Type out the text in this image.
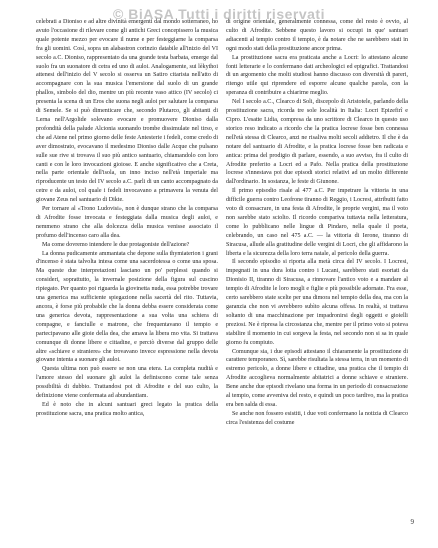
© BiASA Tutti i diritti riservati

celebrati a Dioniso e ad altre divinità emergenti dal mondo sotterraneo, ho avuto l'occasione di rilevare come gli antichi Greci concepissero la musica quale potente mezzo per evocare il nume e per festeggiarne la comparsa fra gli uomini. Così, sopra un alabastron corinzio databile all'inizio del VI secolo a.C. Dioniso, rappresentato da una grande testa barbata, emerge dal suolo fra un suonatore di cetra ed uno di auloi. Analogamente, sui lèkythoi attenesi dell'inizio del V secolo si osserva un Satiro citarista nell'atto di accompagnare con la sua musica l'emersione dal suolo di un grande phallos, simbolo del dio, mentre un più recente vaso attico (IV secolo) ci presenta la scena di un Eros che suona negli auloi per salutare la comparsa di Semele. Se si può dimenticare che, secondo Plutarco, gli abitanti di Lerna nell'Argolide solevano evocare e promuovere Dioniso dalla profondità della palude Alcionia suonando trombe dissimulate nel tirso, e che ad Atene nel primo giorno delle feste Antesterie i fedeli, come credo di aver dimostrato, evocavano il medesimo Dioniso dalle Acque che pulsano sulle sue rive si trovava il suo più antico santuario, chiamandolo con loro canti e con le loro invocazioni gioiose. E anche significativo che a Creta, nella parte orientale dell'isola, un inno inciso nell'età imperiale ma riproducente un testo del IV secolo a.C. parli di un canto accompagnato da cetre e da auloi, col quale i fedeli invocavano a primavera la venuta del giovane Zeus nel santuario di Dikte.

Per tornare al «Trono Ludovisi», non è dunque strano che la comparsa di Afrodite fosse invocata e festeggiata dalla musica degli auloi, e nemmeno strano che alla dolcezza della musica venisse associato il profumo dell'incenso caro alla dea.

Ma come dovremo intendere le due protagoniste dell'azione?

La donna pudicamente ammantata che depone sulla thymiaterion i grani d'incenso è stata talvolta intesa come una sacerdotessa o come una sposa. Ma queste due interpretazioni lasciano un po' perplessi quando si consideri, soprattutto, la invernale posizione della figura sul cuscino ripiegato. Per quanto poi riguarda la giovinetta nuda, essa potrebbe trovare una generica ma sufficiente spiegazione nella sacertà del rito. Tuttavia, ancora, è forse più probabile che la donna debba essere considerata come una generica devota, rappresentazione a sua volta una schiera di compagne, e fanciulle e matrone, che frequentavano il tempio e partecipavano alle gioie della dea, che amava la libera mo vita. Si trattava comunque di donne libere e cittadine, e perciò diverse dal gruppo delle altre «schiave e straniere» che trovavano invece espressione nella devota giovane intenta a suonare gli auloi.

Questa ultima non può essere se non una etera. La completa nudità e l'amore stesso del suonare gli auloi la definiscono come tale senza possibilità di dubbio. Trattandosi poi di Afrodite e del suo culto, la definizione viene confermata ad abundantiam.

Ed è noto che in alcuni santuari greci legato la pratica della prostituzione sacra, una pratica molto antica,

di origine orientale, generalmente connessa, come del resto è ovvio, al culto di Afrodite. Sebbene questo lavoro si occupi in que' santuari adiacenti al tempio contro il tempio, è da notare che ne sarebbero stati in ogni modo stati della prostituzione ancor prima.

La prostituzione sacra era praticata anche a Locri: lo attestano alcune fonti letterarie e lo confermano dati archeologici ed epigrafici. Trattandosi di un argomento che molti studiosi hanno discusso con diversità di pareri, ritengo utile qui riprendere ed esporre alcune qualche parola, con la speranza di contribuire a chiarirne meglio.

Nel I secolo a.C., Clearco di Soli, discepolo di Aristotele, parlando della prostituzione sacra, ricorda tre sole località in Italia: Locri Epizefirî e Cipro. L'esatte Lidia, compresa da uno scrittore di Clearco in questo uso storico reso indicato a ricordo che la pratica locrese fosse ben connessa nell'età stessa di Clearco, anzi ne risaliva molti secoli addietro. Il che è da notare del santuario di Afrodite, e la pratica locrese fosse ben radicata e antica: prima del prodigio di parlare, essendo, a suo avviso, fra il culto di Afrodite preferito a Locri ed a Pafo. Nella pratica della prostituzione locrese s'innestava poi due episodi storici relativi ad un molto differente dall'ordinario. In sostanza, le feste di Giunone.

Il primo episodio risale al 477 a.C. Per impetrare la vittoria in una difficile guerra contro Leofrone tiranno di Reggio, i Locresi, attribuiti fatto voto di consacrare, in una festa di Afrodite, le proprie vergini, ma il voto non sarebbe stato sciolto. Il ricordo compariva tuttavia nella letteratura, come lo pubblicano nelle lingue di Pindaro, nella quale il poeta, celebrando, un caso nel 475 a.C. — la vittoria di Ierone, tiranno di Siracusa, allude alla gratitudine delle vergini di Locri, che gli affidarono la liberta e la sicurezza della loro terra natale, al pericolo della guerra.

Il secondo episodio si riporta alla metà circa del IV secolo. I Locresi, impegnati in una dura lotta contro i Lucani, sarebbero stati esortati da Dionisio II, tiranno di Siracusa, a rinnovare l'antico voto e a mandare al tempio di Afrodite le loro mogli e figlie e più possibile adornate. Fra esse, certo sarebbero state scelte per una dimora nel tempio della dea, ma con la garanzia che non vi avrebbero subìto alcuna offesa. In realtà, si trattava soltanto di una macchinazione per impadronirsi degli oggetti e gioielli preziosi. Ne è ripresa la circostanza che, mentre per il primo voto si poteva stabilire il momento in cui sorgeva la festa, nel secondo non si sa in quale giorno fu compiuto.

Comunque sia, i due episodi attestano il chiaramente la prostituzione di carattere temporaneo. Sì, sarebbe risultata la stessa terra, in un momento di estremo pericolo, a donne libere e cittadine, una pratica che il tempio di Afrodite accoglieva normalmente abitatrici a donne schiave e straniere. Bene anche due episodi rivelano una forma in un periodo di consacrazione al tempio, come avveniva del resto, e quindi un poco tardivo, ma la pratica era ben salda di essa.

Se anche non fossero esistiti, i due voti confermano la notizia di Clearco circa l'esistenza del costume

9
